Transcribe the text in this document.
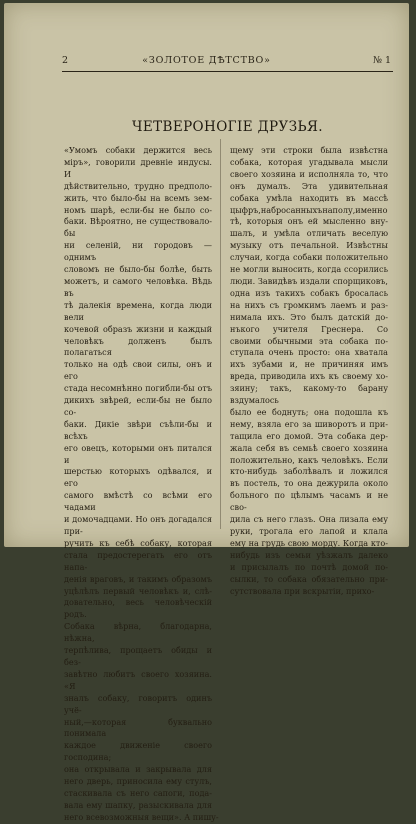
2	«ЗОЛОТОЕ ДѢТСТВО»	№ 1
ЧЕТВЕРОНОГІЕ ДРУЗЬЯ.
«Умомъ собаки держится весь
міръ», говорили древніе индусы. И
дѣйствительно, трудно предполо-
жить, что было-бы на всемъ зем-
номъ шарѣ, если-бы не было со-
баки. Вѣроятно, не существовало-бы
ни селеній, ни городовъ — однимъ
словомъ не было-бы болѣе, быть
можетъ, и самого человѣка. Вѣдь въ
тѣ далекія времена, когда люди вели
кочевой образъ жизни и каждый
человѣкъ долженъ былъ полагаться
только на одѣ свои силы, онъ и его
стада несомнѣнно погибли-бы отъ
дикихъ звѣрей, если-бы не было со-
баки. Дикіе звѣри съѣли-бы и всѣхъ
его овецъ, которыми онъ питался и
шерстью которыхъ одѣвался, и его
самого вмѣстѣ со всѣми его чадами
и домочадцами. Но онъ догадался при-
ручить къ себѣ собаку, которая
стала предостерегать его отъ напа-
денія враговъ, и такимъ образомъ
уцѣлѣлъ первый человѣкъ и, слѣ-
довательно, весь человѣческій родъ.
Собака вѣрна, благодарна, нѣжна,
терпѣлива, прощаетъ обиды и без-
завѣтно любитъ своего хозяина. «Я
зналъ собаку, говоритъ одинъ учё-
ный,—которая буквально понимала
каждое движеніе своего господина;
она открывала и закрывала для
него дверь, приносила ему стулъ,
стаскивала съ него сапоги, пода-
вала ему шапку, разыскивала для
него всевозможныя вещи». А пишу-
щему эти строки была извѣстна
собака, которая угадывала мысли
своего хозяина и исполняла то, что
онъ думалъ. Эта удивительная
собака умѣла находить въ массѣ
цыфръ,набросанныхънаполу,именно
тѣ, которыя онъ ей мысленно вну-
шалъ, и умѣла отличать веселую
музыку отъ печальной. Извѣстны
случаи, когда собаки положительно
не могли выносить, когда ссорились
люди. Завидѣвъ издали спорщиковъ,
одна изъ такихъ собакъ бросалась
на нихъ съ громкимъ лаемъ и раз-
нимала ихъ. Это былъ датскій до-
нъкого учителя Греснера. Со
своими обычными эта собака по-
ступала очень просто: она хватала
ихъ зубами и, не причиняя имъ
вреда, приводила ихъ къ своему хо-
зяину; такъ, какому-то барану вздумалось
было ее боднуть; она подошла къ
нему, взяла его за шиворотъ и при-
тащила его домой. Эта собака дер-
жала себя въ семьѣ своего хозяина
положительно, какъ человѣкъ. Если
кто-нибудь заболѣвалъ и ложился
въ постель, то она дежурила около
больного по цѣлымъ часамъ и не сво-
дила съ него глазъ. Она лизала ему
руки, трогала его лапой и клала
ему на грудь свою морду. Когда кто-
нибудь изъ семьи уѣзжалъ далеко
и присылалъ по почтѣ домой по-
сылки, то собака обязательно при-
сутствовала при вскрытіи, прихо-
